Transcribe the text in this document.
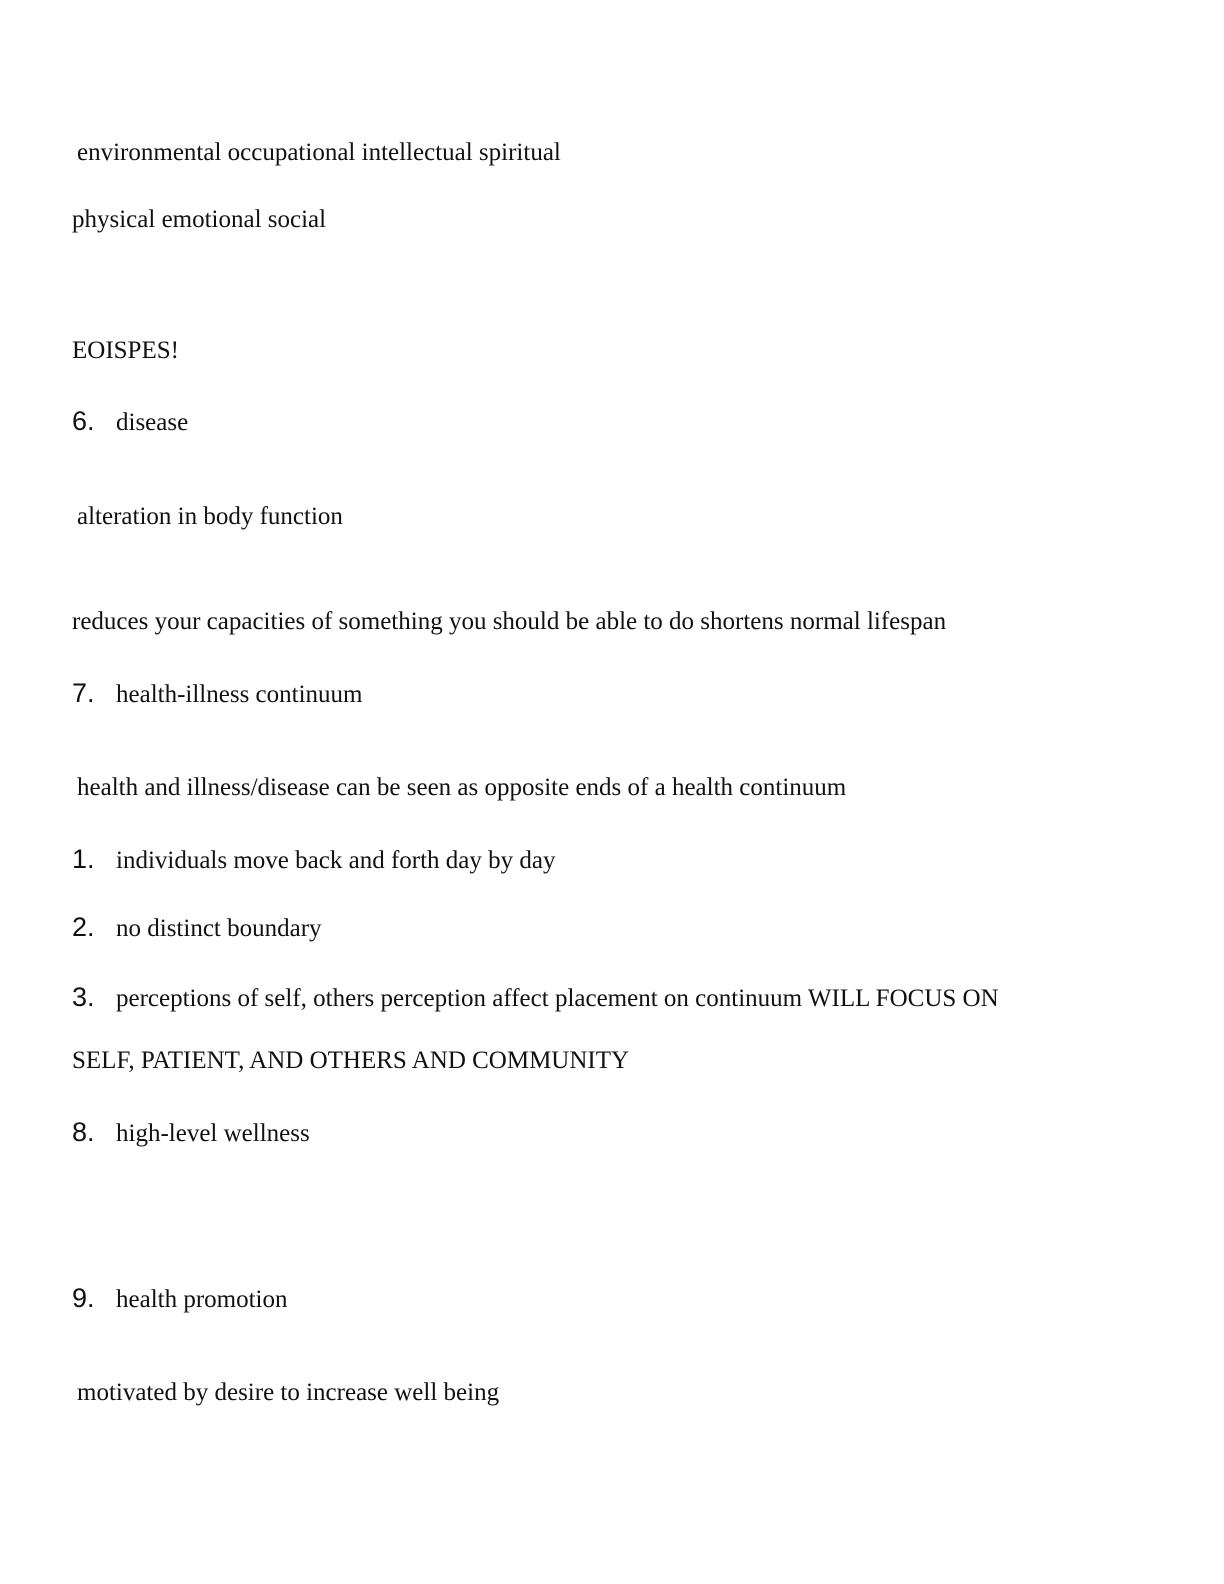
environmental occupational intellectual spiritual

physical emotional social

EOISPES!

6. disease

alteration in body function

reduces your capacities of something you should be able to do shortens normal lifespan

7. health-illness continuum

health and illness/disease can be seen as opposite ends of a health continuum

1. individuals move back and forth day by day

2. no distinct boundary

3. perceptions of self, others perception affect placement on continuum WILL FOCUS ON

SELF, PATIENT, AND OTHERS AND COMMUNITY

8. high-level wellness

9. health promotion

motivated by desire to increase well being
